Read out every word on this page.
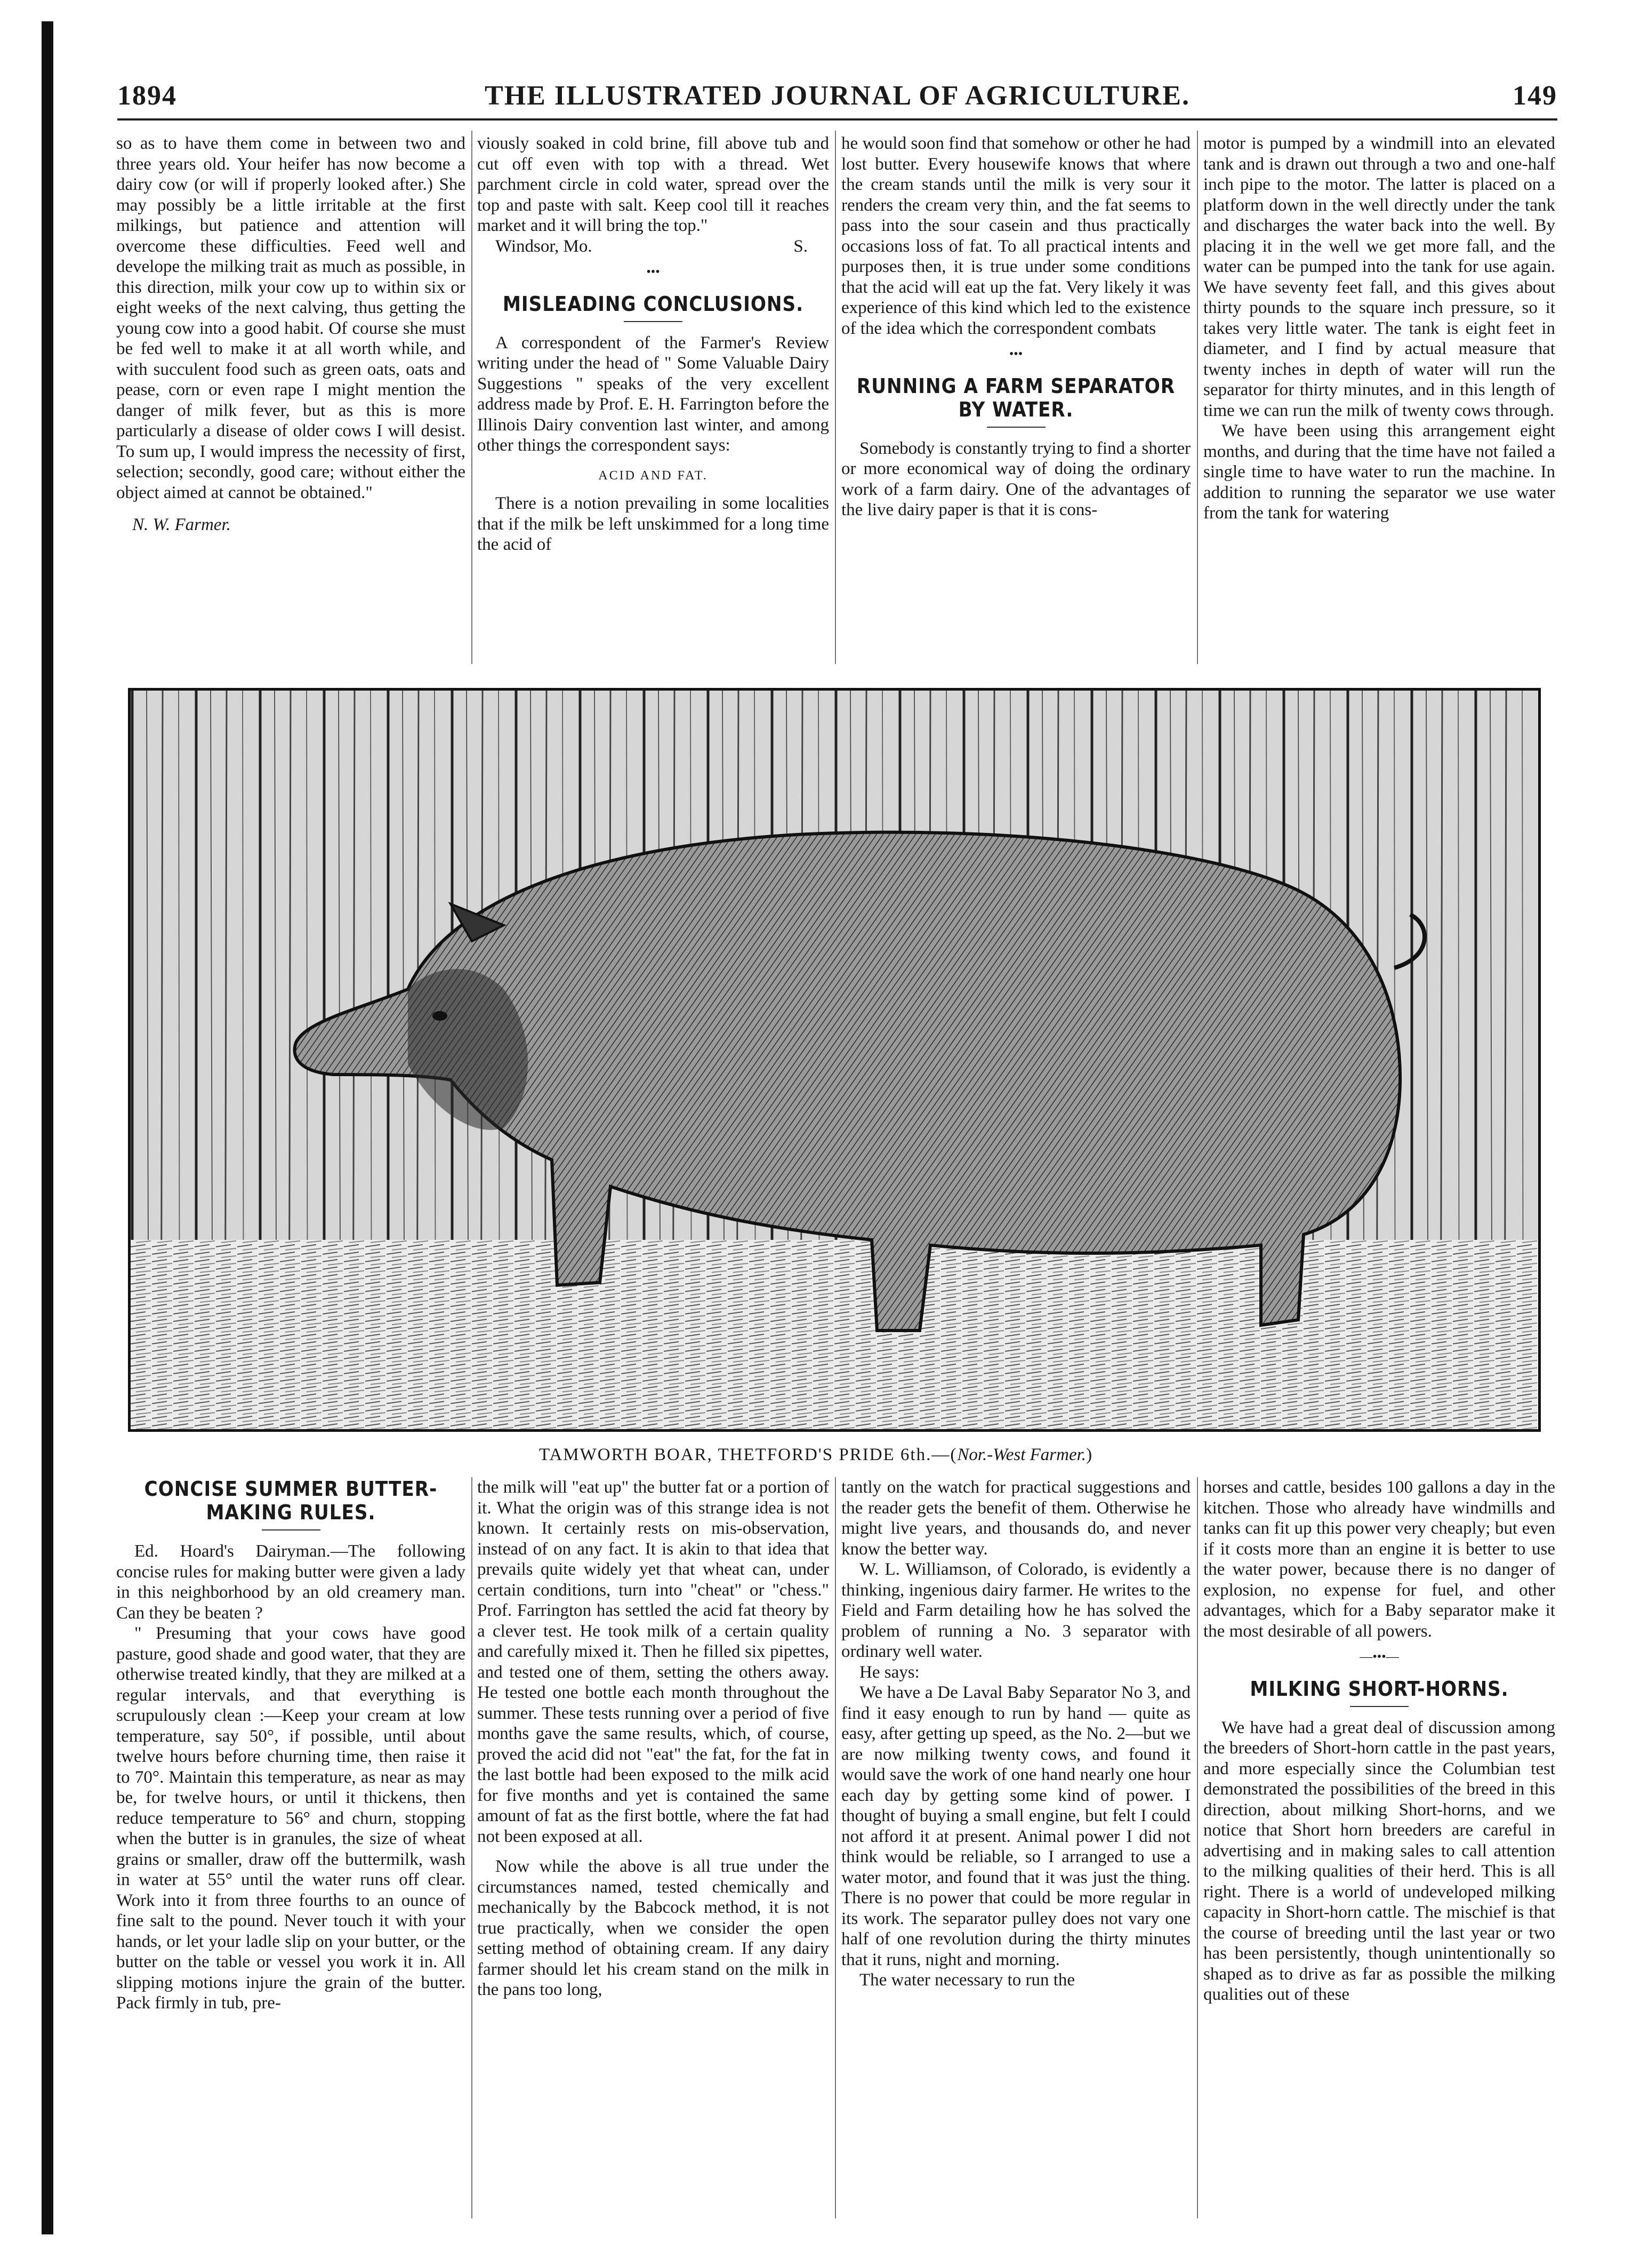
1894	THE ILLUSTRATED JOURNAL OF AGRICULTURE.	149

so as to have them come in between two and three years old. Your heifer has now become a dairy cow (or will if properly looked after.) She may possibly be a little irritable at the first milkings, but patience and attention will overcome these difficulties. Feed well and develope the milking trait as much as possible, in this direction, milk your cow up to within six or eight weeks of the next calving, thus getting the young cow into a good habit. Of course she must be fed well to make it at all worth while, and with succulent food such as green oats, oats and pease, corn or even rape I might mention the danger of milk fever, but as this is more particularly a disease of older cows I will desist. To sum up, I would impress the necessity of first, selection; secondly, good care; without either the object aimed at cannot be obtained."

N. W. Farmer.

viously soaked in cold brine, fill above tub and cut off even with top with a thread. Wet parchment circle in cold water, spread over the top and paste with salt. Keep cool till it reaches market and it will bring the top."

Windsor, Mo.	S.
•••
MISLEADING CONCLUSIONS.

A correspondent of the Farmer's Review writing under the head of " Some Valuable Dairy Suggestions " speaks of the very excellent address made by Prof. E. H. Farrington before the Illinois Dairy convention last winter, and among other things the correspondent says:

ACID AND FAT.

There is a notion prevailing in some localities that if the milk be left unskimmed for a long time the acid of

he would soon find that somehow or other he had lost butter. Every housewife knows that where the cream stands until the milk is very sour it renders the cream very thin, and the fat seems to pass into the sour casein and thus practically occasions loss of fat. To all practical intents and purposes then, it is true under some conditions that the acid will eat up the fat. Very likely it was experience of this kind which led to the existence of the idea which the correspondent combats

•••
RUNNING A FARM SEPARATOR BY WATER.

Somebody is constantly trying to find a shorter or more economical way of doing the ordinary work of a farm dairy. One of the advantages of the live dairy paper is that it is cons-

motor is pumped by a windmill into an elevated tank and is drawn out through a two and one-half inch pipe to the motor. The latter is placed on a platform down in the well directly under the tank and discharges the water back into the well. By placing it in the well we get more fall, and the water can be pumped into the tank for use again. We have seventy feet fall, and this gives about thirty pounds to the square inch pressure, so it takes very little water. The tank is eight feet in diameter, and I find by actual measure that twenty inches in depth of water will run the separator for thirty minutes, and in this length of time we can run the milk of twenty cows through.

We have been using this arrangement eight months, and during that the time have not failed a single time to have water to run the machine. In addition to running the separator we use water from the tank for watering

TAMWORTH BOAR, THETFORD'S PRIDE 6th.—(Nor.-West Farmer.)
CONCISE SUMMER BUTTER-MAKING RULES.

Ed. Hoard's Dairyman.—The following concise rules for making butter were given a lady in this neighborhood by an old creamery man. Can they be beaten ?

" Presuming that your cows have good pasture, good shade and good water, that they are otherwise treated kindly, that they are milked at a regular intervals, and that everything is scrupulously clean :—Keep your cream at low temperature, say 50°, if possible, until about twelve hours before churning time, then raise it to 70°. Maintain this temperature, as near as may be, for twelve hours, or until it thickens, then reduce temperature to 56° and churn, stopping when the butter is in granules, the size of wheat grains or smaller, draw off the buttermilk, wash in water at 55° until the water runs off clear. Work into it from three fourths to an ounce of fine salt to the pound. Never touch it with your hands, or let your ladle slip on your butter, or the butter on the table or vessel you work it in. All slipping motions injure the grain of the butter. Pack firmly in tub, pre-

the milk will "eat up" the butter fat or a portion of it. What the origin was of this strange idea is not known. It certainly rests on mis-observation, instead of on any fact. It is akin to that idea that prevails quite widely yet that wheat can, under certain conditions, turn into "cheat" or "chess." Prof. Farrington has settled the acid fat theory by a clever test. He took milk of a certain quality and carefully mixed it. Then he filled six pipettes, and tested one of them, setting the others away. He tested one bottle each month throughout the summer. These tests running over a period of five months gave the same results, which, of course, proved the acid did not "eat" the fat, for the fat in the last bottle had been exposed to the milk acid for five months and yet is contained the same amount of fat as the first bottle, where the fat had not been exposed at all.

Now while the above is all true under the circumstances named, tested chemically and mechanically by the Babcock method, it is not true practically, when we consider the open setting method of obtaining cream. If any dairy farmer should let his cream stand on the milk in the pans too long,

tantly on the watch for practical suggestions and the reader gets the benefit of them. Otherwise he might live years, and thousands do, and never know the better way.

W. L. Williamson, of Colorado, is evidently a thinking, ingenious dairy farmer. He writes to the Field and Farm detailing how he has solved the problem of running a No. 3 separator with ordinary well water.

He says:

We have a De Laval Baby Separator No 3, and find it easy enough to run by hand — quite as easy, after getting up speed, as the No. 2—but we are now milking twenty cows, and found it would save the work of one hand nearly one hour each day by getting some kind of power. I thought of buying a small engine, but felt I could not afford it at present. Animal power I did not think would be reliable, so I arranged to use a water motor, and found that it was just the thing. There is no power that could be more regular in its work. The separator pulley does not vary one half of one revolution during the thirty minutes that it runs, night and morning.

The water necessary to run the

horses and cattle, besides 100 gallons a day in the kitchen. Those who already have windmills and tanks can fit up this power very cheaply; but even if it costs more than an engine it is better to use the water power, because there is no danger of explosion, no expense for fuel, and other advantages, which for a Baby separator make it the most desirable of all powers.

—•••—
MILKING SHORT-HORNS.

We have had a great deal of discussion among the breeders of Short-horn cattle in the past years, and more especially since the Columbian test demonstrated the possibilities of the breed in this direction, about milking Short-horns, and we notice that Short horn breeders are careful in advertising and in making sales to call attention to the milking qualities of their herd. This is all right. There is a world of undeveloped milking capacity in Short-horn cattle. The mischief is that the course of breeding until the last year or two has been persistently, though unintentionally so shaped as to drive as far as possible the milking qualities out of these
